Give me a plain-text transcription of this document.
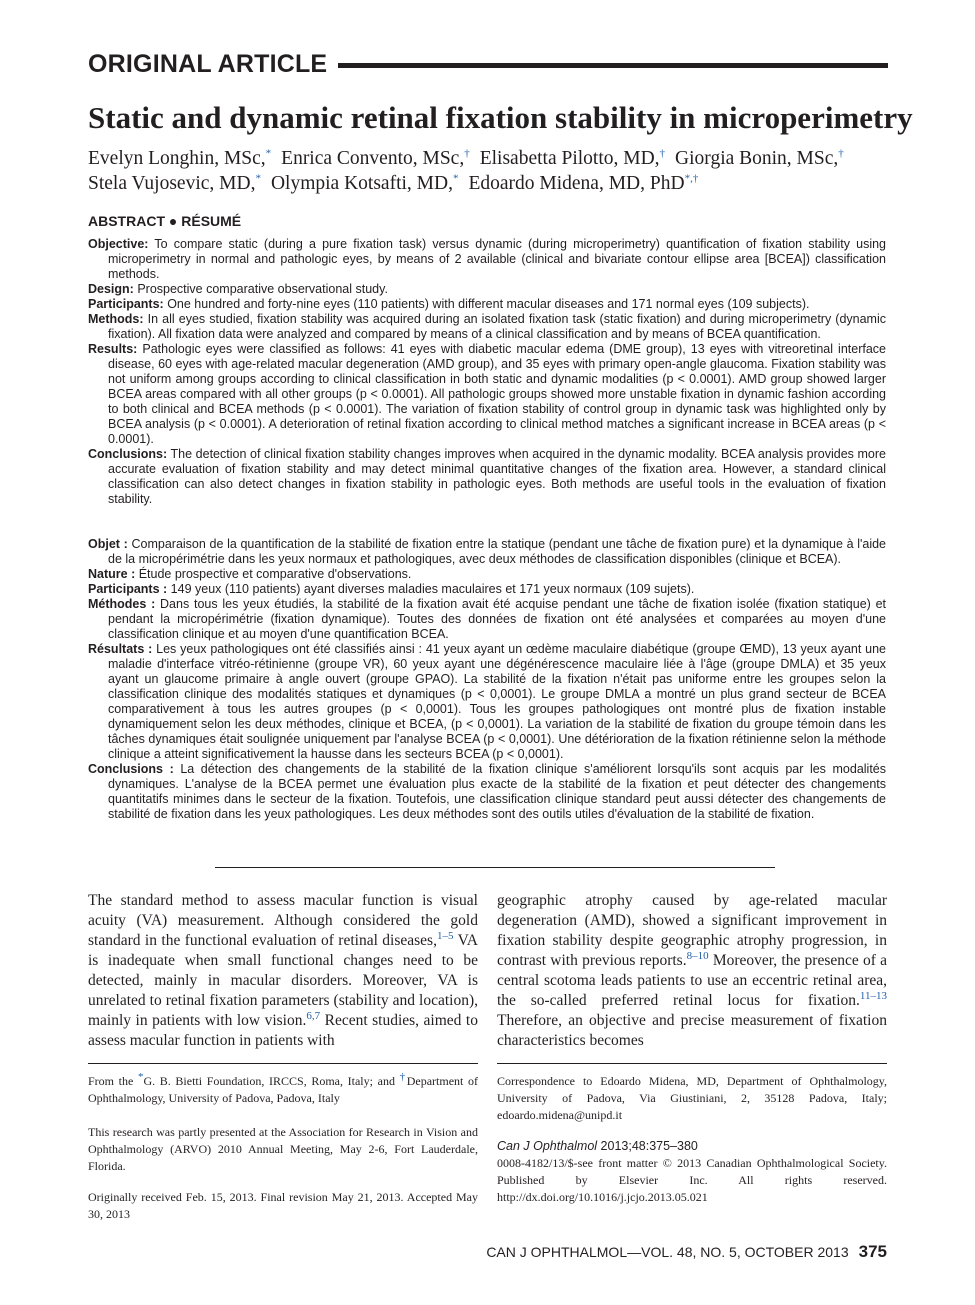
ORIGINAL ARTICLE
Static and dynamic retinal fixation stability in microperimetry
Evelyn Longhin, MSc,* Enrica Convento, MSc,† Elisabetta Pilotto, MD,† Giorgia Bonin, MSc,†
Stela Vujosevic, MD,* Olympia Kotsafti, MD,* Edoardo Midena, MD, PhD*,†
ABSTRACT ● RÉSUMÉ
Objective: To compare static (during a pure fixation task) versus dynamic (during microperimetry) quantification of fixation stability using microperimetry in normal and pathologic eyes, by means of 2 available (clinical and bivariate contour ellipse area [BCEA]) classification methods.
Design: Prospective comparative observational study.
Participants: One hundred and forty-nine eyes (110 patients) with different macular diseases and 171 normal eyes (109 subjects).
Methods: In all eyes studied, fixation stability was acquired during an isolated fixation task (static fixation) and during microperimetry (dynamic fixation). All fixation data were analyzed and compared by means of a clinical classification and by means of BCEA quantification.
Results: Pathologic eyes were classified as follows: 41 eyes with diabetic macular edema (DME group), 13 eyes with vitreoretinal interface disease, 60 eyes with age-related macular degeneration (AMD group), and 35 eyes with primary open-angle glaucoma. Fixation stability was not uniform among groups according to clinical classification in both static and dynamic modalities (p < 0.0001). AMD group showed larger BCEA areas compared with all other groups (p < 0.0001). All pathologic groups showed more unstable fixation in dynamic fashion according to both clinical and BCEA methods (p < 0.0001). The variation of fixation stability of control group in dynamic task was highlighted only by BCEA analysis (p < 0.0001). A deterioration of retinal fixation according to clinical method matches a significant increase in BCEA areas (p < 0.0001).
Conclusions: The detection of clinical fixation stability changes improves when acquired in the dynamic modality. BCEA analysis provides more accurate evaluation of fixation stability and may detect minimal quantitative changes of the fixation area. However, a standard clinical classification can also detect changes in fixation stability in pathologic eyes. Both methods are useful tools in the evaluation of fixation stability.
Objet : Comparaison de la quantification de la stabilité de fixation entre la statique (pendant une tâche de fixation pure) et la dynamique à l'aide de la micropérimétrie dans les yeux normaux et pathologiques, avec deux méthodes de classification disponibles (clinique et BCEA).
Nature : Étude prospective et comparative d'observations.
Participants : 149 yeux (110 patients) ayant diverses maladies maculaires et 171 yeux normaux (109 sujets).
Méthodes : Dans tous les yeux étudiés, la stabilité de la fixation avait été acquise pendant une tâche de fixation isolée (fixation statique) et pendant la micropérimétrie (fixation dynamique). Toutes des données de fixation ont été analysées et comparées au moyen d'une classification clinique et au moyen d'une quantification BCEA.
Résultats : Les yeux pathologiques ont été classifiés ainsi : 41 yeux ayant un œdème maculaire diabétique (groupe ŒMD), 13 yeux ayant une maladie d'interface vitréo-rétinienne (groupe VR), 60 yeux ayant une dégénérescence maculaire liée à l'âge (groupe DMLA) et 35 yeux ayant un glaucome primaire à angle ouvert (groupe GPAO). La stabilité de la fixation n'était pas uniforme entre les groupes selon la classification clinique des modalités statiques et dynamiques (p < 0,0001). Le groupe DMLA a montré un plus grand secteur de BCEA comparativement à tous les autres groupes (p < 0,0001). Tous les groupes pathologiques ont montré plus de fixation instable dynamiquement selon les deux méthodes, clinique et BCEA, (p < 0,0001). La variation de la stabilité de fixation du groupe témoin dans les tâches dynamiques était soulignée uniquement par l'analyse BCEA (p < 0,0001). Une détérioration de la fixation rétinienne selon la méthode clinique a atteint significativement la hausse dans les secteurs BCEA (p < 0,0001).
Conclusions : La détection des changements de la stabilité de la fixation clinique s'améliorent lorsqu'ils sont acquis par les modalités dynamiques. L'analyse de la BCEA permet une évaluation plus exacte de la stabilité de la fixation et peut détecter des changements quantitatifs minimes dans le secteur de la fixation. Toutefois, une classification clinique standard peut aussi détecter des changements de stabilité de fixation dans les yeux pathologiques. Les deux méthodes sont des outils utiles d'évaluation de la stabilité de fixation.
The standard method to assess macular function is visual acuity (VA) measurement. Although considered the gold standard in the functional evaluation of retinal diseases,$^{1-5}$ VA is inadequate when small functional changes need to be detected, mainly in macular disorders. Moreover, VA is unrelated to retinal fixation parameters (stability and location), mainly in patients with low vision.$^{6,7}$ Recent studies, aimed to assess macular function in patients with
geographic atrophy caused by age-related macular degeneration (AMD), showed a significant improvement in fixation stability despite geographic atrophy progression, in contrast with previous reports.$^{8-10}$ Moreover, the presence of a central scotoma leads patients to use an eccentric retinal area, the so-called preferred retinal locus for fixation.$^{11-13}$ Therefore, an objective and precise measurement of fixation characteristics becomes
From the *G. B. Bietti Foundation, IRCCS, Roma, Italy; and †Department of Ophthalmology, University of Padova, Padova, Italy
This research was partly presented at the Association for Research in Vision and Ophthalmology (ARVO) 2010 Annual Meeting, May 2-6, Fort Lauderdale, Florida.
Originally received Feb. 15, 2013. Final revision May 21, 2013. Accepted May 30, 2013
Correspondence to Edoardo Midena, MD, Department of Ophthalmology, University of Padova, Via Giustiniani, 2, 35128 Padova, Italy; edoardo.midena@unipd.it
Can J Ophthalmol 2013;48:375–380
0008-4182/13/$-see front matter © 2013 Canadian Ophthalmological Society. Published by Elsevier Inc. All rights reserved. http://dx.doi.org/10.1016/j.jcjo.2013.05.021
CAN J OPHTHALMOL—VOL. 48, NO. 5, OCTOBER 2013 375
